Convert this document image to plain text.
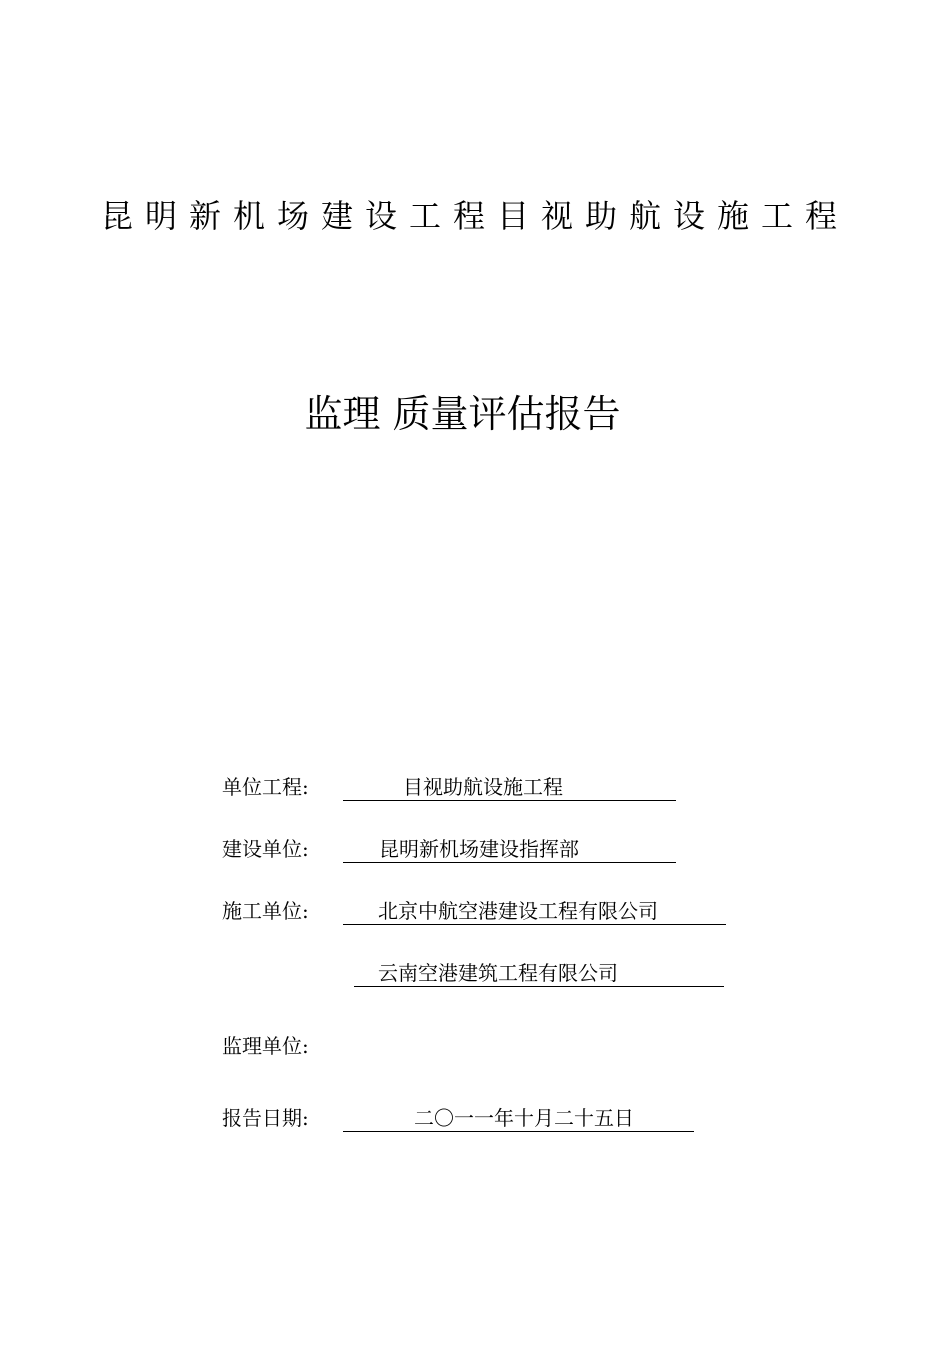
昆明新机场建设工程目视助航设施工程
监理 质量评估报告
单位工程:	目视助航设施工程
建设单位:	昆明新机场建设指挥部
施工单位:	北京中航空港建设工程有限公司
云南空港建筑工程有限公司
监理单位:
报告日期:	二〇一一年十月二十五日
